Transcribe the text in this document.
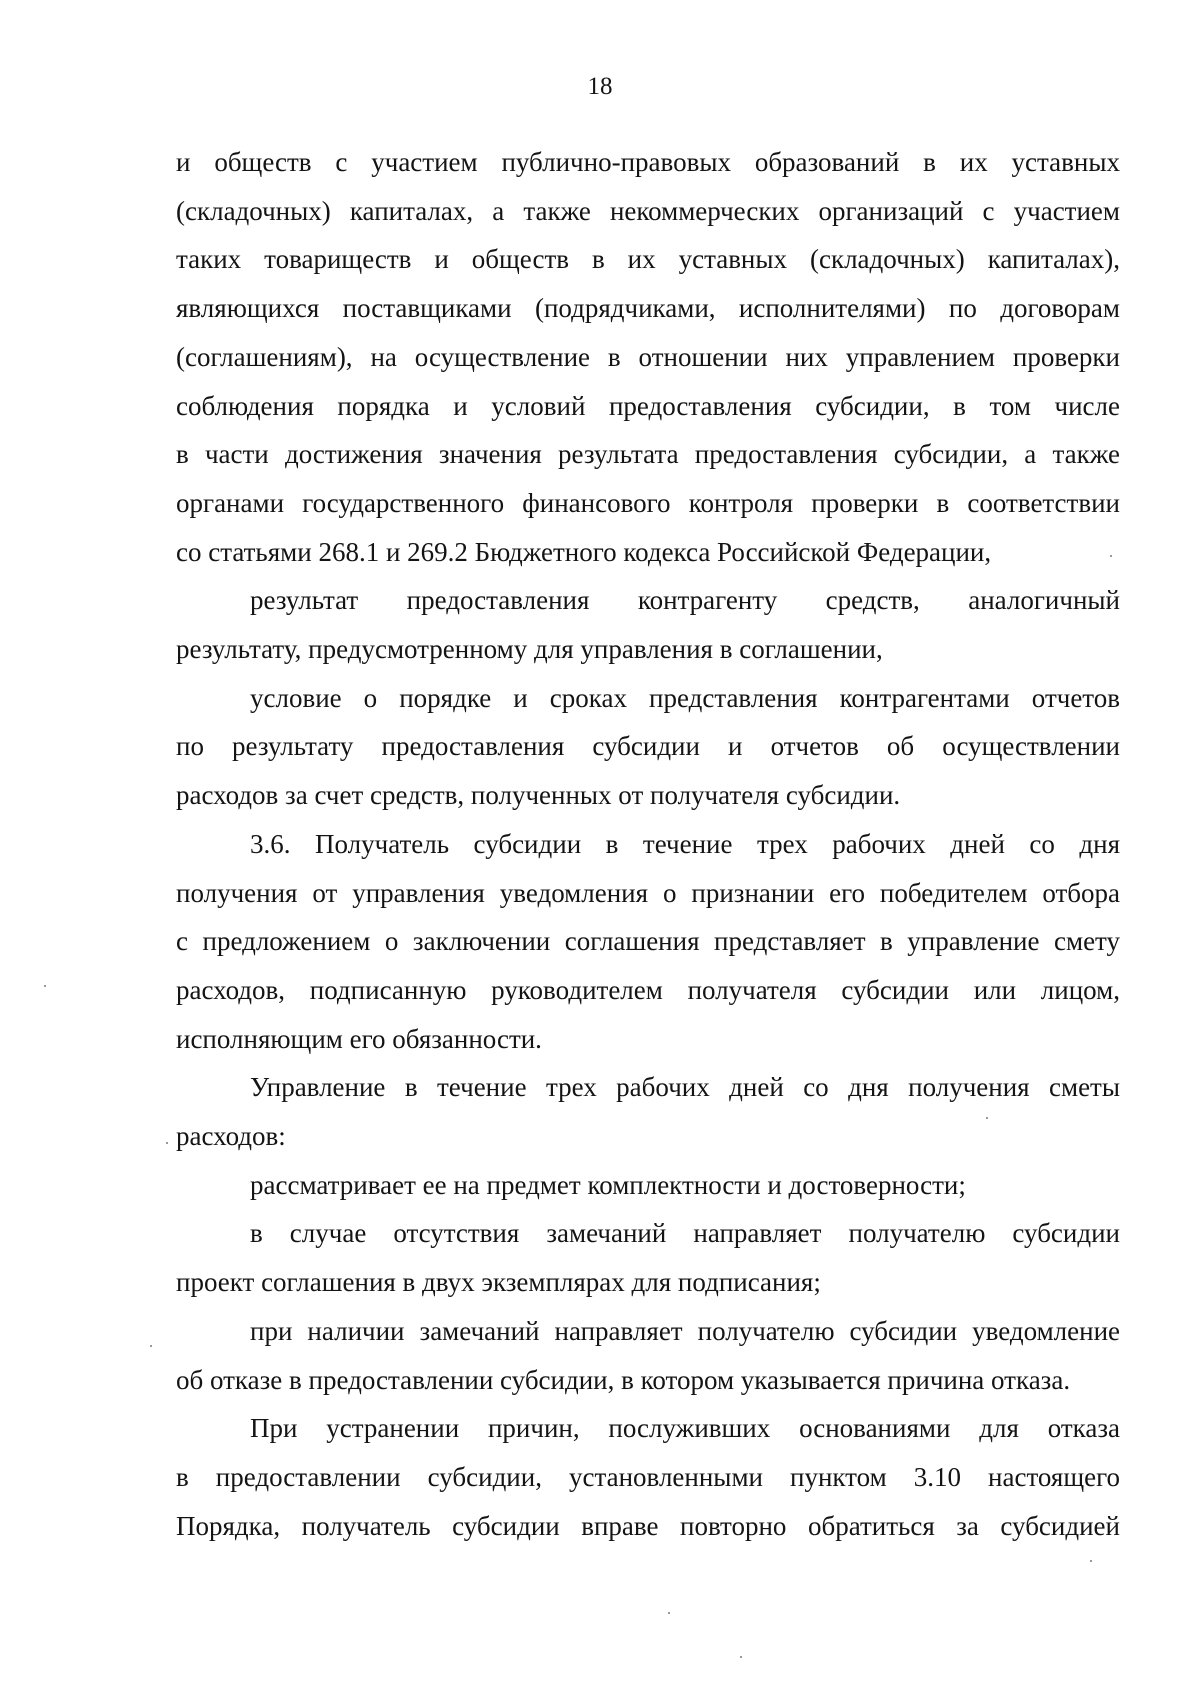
18

и обществ с участием публично-правовых образований в их уставных
(складочных) капиталах, а также некоммерческих организаций с участием
таких товариществ и обществ в их уставных (складочных) капиталах),
являющихся поставщиками (подрядчиками, исполнителями) по договорам
(соглашениям), на осуществление в отношении них управлением проверки
соблюдения порядка и условий предоставления субсидии, в том числе
в части достижения значения результата предоставления субсидии, а также
органами государственного финансового контроля проверки в соответствии
со статьями 268.1 и 269.2 Бюджетного кодекса Российской Федерации,

результат предоставления контрагенту средств, аналогичный
результату, предусмотренному для управления в соглашении,

условие о порядке и сроках представления контрагентами отчетов
по результату предоставления субсидии и отчетов об осуществлении
расходов за счет средств, полученных от получателя субсидии.

3.6. Получатель субсидии в течение трех рабочих дней со дня
получения от управления уведомления о признании его победителем отбора
с предложением о заключении соглашения представляет в управление смету
расходов, подписанную руководителем получателя субсидии или лицом,
исполняющим его обязанности.

Управление в течение трех рабочих дней со дня получения сметы
расходов:

рассматривает ее на предмет комплектности и достоверности;

в случае отсутствия замечаний направляет получателю субсидии
проект соглашения в двух экземплярах для подписания;

при наличии замечаний направляет получателю субсидии уведомление
об отказе в предоставлении субсидии, в котором указывается причина отказа.

При устранении причин, послуживших основаниями для отказа
в предоставлении субсидии, установленными пунктом 3.10 настоящего
Порядка, получатель субсидии вправе повторно обратиться за субсидией
